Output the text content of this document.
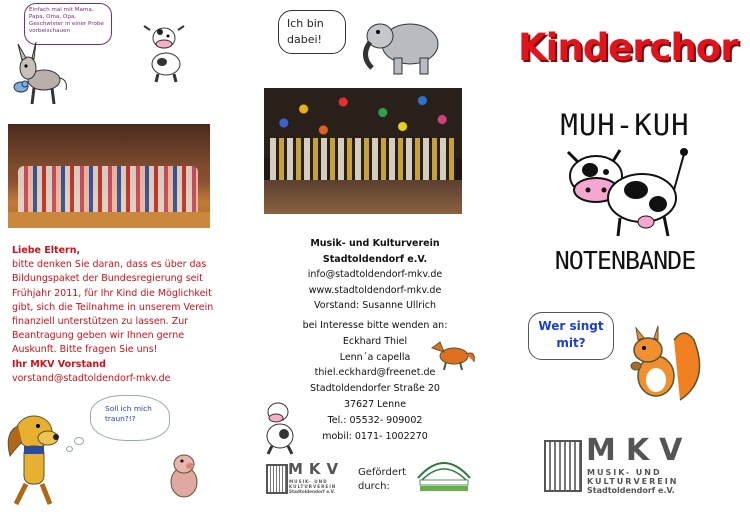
Einfach mal mit Mama, Papa, Oma, Opa, Geschwister in einer Probe vorbeischauen
Liebe Eltern,
bitte denken Sie daran, dass es über das
Bildungspaket der Bundesregierung seit
Frühjahr 2011, für Ihr Kind die Möglichkeit
gibt, sich die Teilnahme in unserem Verein
finanziell unterstützen zu lassen. Zur
Beantragung geben wir Ihnen gerne
Auskunft. Bitte fragen Sie uns!
Ihr MKV Vorstand
vorstand@stadtoldendorf-mkv.de
Soll ich mich traun?!?
Ich bin dabei!
Musik- und Kulturverein
Stadtoldendorf e.V.
info@stadtoldendorf-mkv.de
www.stadtoldendorf-mkv.de
Vorstand: Susanne Ullrich
bei Interesse bitte wenden an:
Eckhard Thiel
Lenn´a capella
thiel.eckhard@freenet.de
Stadtoldendorfer Straße 20
37627 Lenne
Tel.: 05532- 909002
mobil: 0171- 1002270
MKV
MUSIK- UND
KULTURVEREIN
Stadtoldendorf e.V.
Gefördert durch:
Kinderchor
MUH-KUH
NOTENBANDE
Wer singt mit?
MKV
MUSIK- UND
KULTURVEREIN
Stadtoldendorf e.V.
